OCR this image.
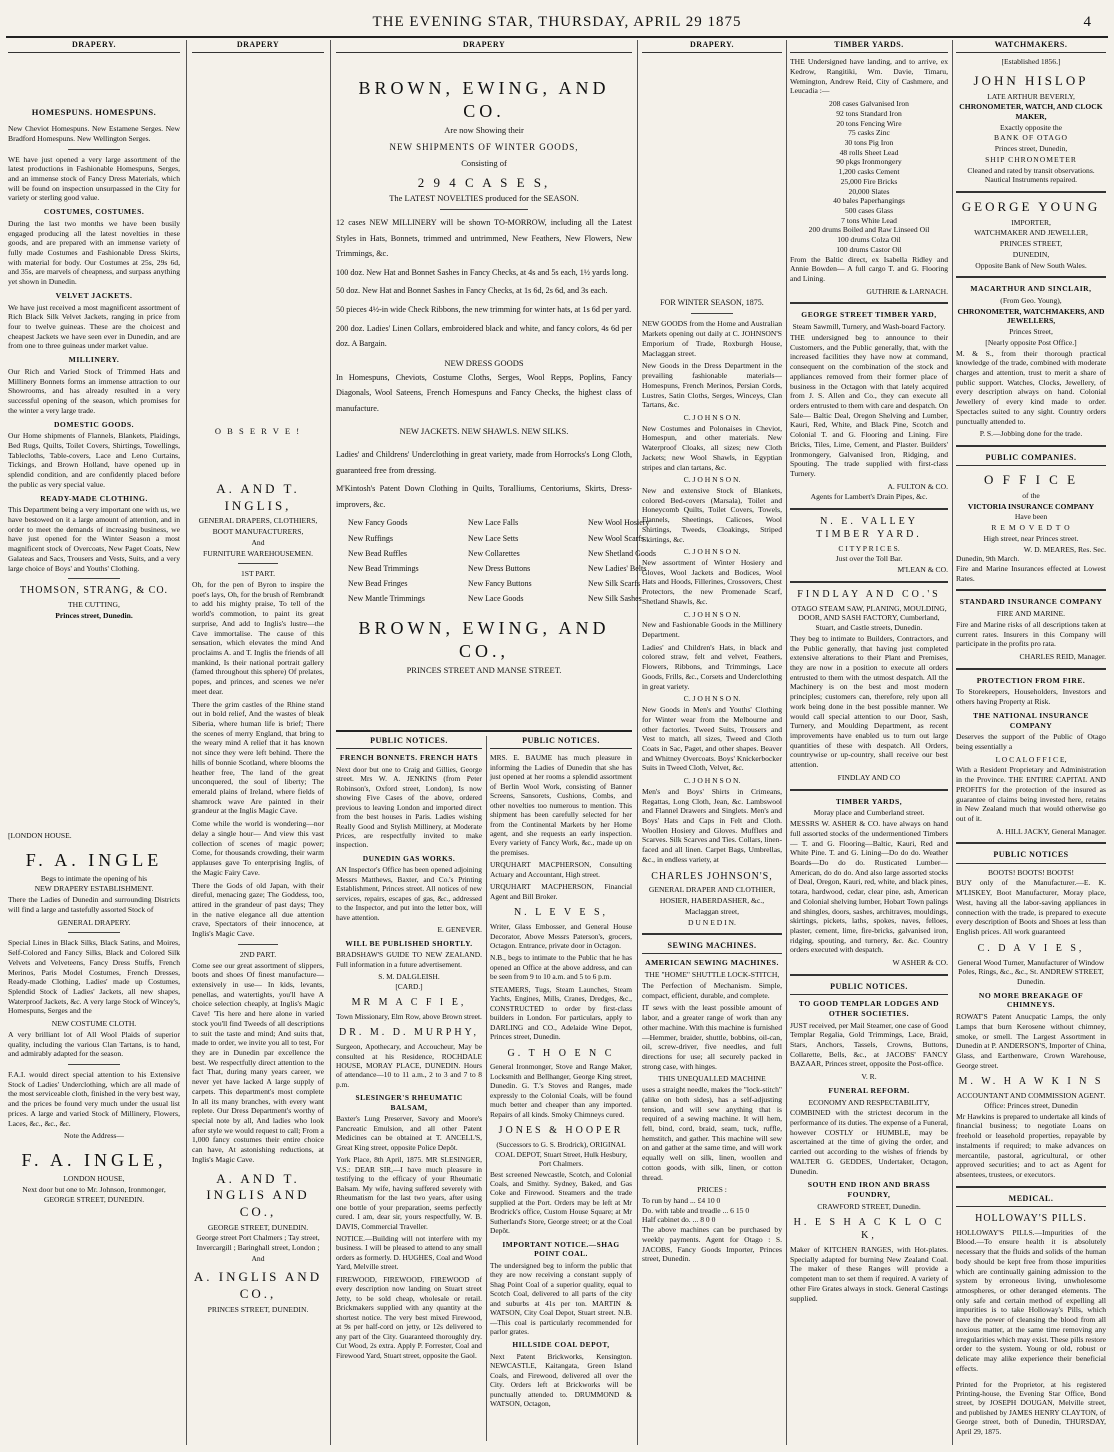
THE EVENING STAR, THURSDAY, APRIL 29 1875	4
DRAPERY.
HOMESPUNS. HOMESPUNS.
New Cheviot Homespuns. New Estamene Serges. New Bradford Homespuns. New Wellington Serges.
WE have just opened a very large assortment of the latest productions in Fashionable Homespuns, Serges, and an immense stock of Fancy Dress Materials, which will be found on inspection unsurpassed in the City for variety or sterling good value.
COSTUMES, COSTUMES.
During the last two months we have been busily engaged producing all the latest novelties in these goods, and are prepared with an immense variety of fully made Costumes and Fashionable Dress Skirts, with material for body. Our Costumes at 25s, 29s 6d, and 35s, are marvels of cheapness, and surpass anything yet shown in Dunedin.
VELVET JACKETS.
We have just received a most magnificent assortment of Rich Black Silk Velvet Jackets, ranging in price from four to twelve guineas. These are the choicest and cheapest Jackets we have seen ever in Dunedin, and are from one to three guineas under market value.
MILLINERY.
Our Rich and Varied Stock of Trimmed Hats and Millinery Bonnets forms an immense attraction to our Showrooms, and has already resulted in a very successful opening of the season, which promises for the winter a very large trade.
DOMESTIC GOODS.
Our Home shipments of Flannels, Blankets, Plaidings, Bed Rugs, Quilts, Toilet Covers, Shirtings, Towellings, Tablecloths, Table-covers, Lace and Leno Curtains, Tickings, and Brown Holland, have opened up in splendid condition, and are confidently placed before the public as very special value.
READY-MADE CLOTHING.
This Department being a very important one with us, we have bestowed on it a large amount of attention, and in order to meet the demands of increasing business, we have just opened for the Winter Season a most magnificent stock of Overcoats, New Paget Coats, New Galateas and Sacs, Trousers and Vests, Suits, and a very large choice of Boys' and Youths' Clothing.
THOMSON, STRANG, & CO.
THE CUTTING,
Princes street, Dunedin.
DRAPERY
O B S E R V E !
A. AND T. INGLIS,
GENERAL DRAPERS, CLOTHIERS,
BOOT MANUFACTURERS,
And
FURNITURE WAREHOUSEMEN.
1ST PART.
Oh, for the pen of Byron to inspire the poet's lays, Oh, for the brush of Rembrandt to add his mighty praise, To tell of the world's commotion, to paint its great surprise, And add to Inglis's lustre—the Cave immortalise. The cause of this sensation, which elevates the mind And proclaims A. and T. Inglis the friends of all mankind, Is their national portrait gallery (famed throughout this sphere) Of prelates, popes, and princes, and scenes we ne'er meet dear.
There the grim castles of the Rhine stand out in bold relief, And the wastes of bleak Siberia, where human life is brief; There the scenes of merry England, that bring to the weary mind A relief that it has known not since they were left behind. There the hills of bonnie Scotland, where blooms the heather free, The land of the great unconquered, the soul of liberty; The emerald plains of Ireland, where fields of shamrock wave Are painted in their grandeur at the Inglis Magic Cave.
Come while the world is wondering—nor delay a single hour— And view this vast collection of scenes of magic power; Come, for thousands crowding, their warm applauses gave To enterprising Inglis, of the Magic Fairy Cave.
There the Gods of old Japan, with their direful, menacing gaze; The Goddess, too, attired in the grandeur of past days; They in the native elegance all due attention crave, Spectators of their innocence, at Inglis's Magic Cave.
2ND PART.
Come see our great assortment of slippers, boots and shoes Of finest manufacture—extensively in use— In kids, levants, penellas, and watertights, you'll have A choice selection cheaply, at Inglis's Magic Cave! 'Tis here and here alone in varied stock you'll find Tweeds of all descriptions to suit the taste and mind; And suits that, made to order, we invite you all to test, For they are in Dunedin par excellence the best. We respectfully direct attention to the fact That, during many years career, we never yet have lacked A large supply of carpets. This department's most complete In all its many branches, with every want replete. Our Dress Department's worthy of special note by all, And ladies who look after style we would request to call; From a 1,000 fancy costumes their entire choice can have, At astonishing reductions, at Inglis's Magic Cave.
A. AND T. INGLIS AND CO.,
GEORGE STREET, DUNEDIN.
George street Port Chalmers ; Tay street, Invercargill ; Baringhall street, London ;
And
A. INGLIS AND CO.,
PRINCES STREET, DUNEDIN.
[LONDON HOUSE.
F. A. INGLE
Begs to intimate the opening of his
NEW DRAPERY ESTABLISHMENT.
There the Ladies of Dunedin and surrounding Districts will find a large and tastefully assorted Stock of
GENERAL DRAPERY.
Special Lines in Black Silks, Black Satins, and Moires, Self-Colored and Fancy Silks, Black and Colored Silk Velvets and Velveteens, Fancy Dress Stuffs, French Merinos, Paris Model Costumes, French Dresses, Ready-made Clothing, Ladies' made up Costumes, Splendid Stock of Ladies' Jackets, all new shapes, Waterproof Jackets, &c. A very large Stock of Wincey's, Homespuns, Serges and the
NEW COSTUME CLOTH.
A very brilliant lot of All Wool Plaids of superior quality, including the various Clan Tartans, is to hand, and admirably adapted for the season.
F.A.I. would direct special attention to his Extensive Stock of Ladies' Underclothing, which are all made of the most serviceable cloth, finished in the very best way, and the prices be found very much under the usual list prices. A large and varied Stock of Millinery, Flowers, Laces, &c., &c., &c.
Note the Address—
F. A. INGLE,
LONDON HOUSE,
Next door but one to Mr. Johnson, Ironmonger,
GEORGE STREET, DUNEDIN.
DRAPERY
BROWN, EWING, AND CO.
Are now Showing their
NEW SHIPMENTS OF WINTER GOODS,
Consisting of
2 9 4 C A S E S,
The LATEST NOVELTIES produced for the SEASON.
12 cases NEW MILLINERY will be shown TO-MORROW, including all the Latest Styles in Hats, Bonnets, trimmed and untrimmed, New Feathers, New Flowers, New Trimmings, &c.
100 doz. New Hat and Bonnet Sashes in Fancy Checks, at 4s and 5s each, 1½ yards long.
50 doz. New Hat and Bonnet Sashes in Fancy Checks, at 1s 6d, 2s 6d, and 3s each.
50 pieces 4½-in wide Check Ribbons, the new trimming for winter hats, at 1s 6d per yard.
200 doz. Ladies' Linen Collars, embroidered black and white, and fancy colors, 4s 6d per doz. A Bargain.
NEW DRESS GOODS
In Homespuns, Cheviots, Costume Cloths, Serges, Wool Repps, Poplins, Fancy Diagonals, Wool Sateens, French Homespuns and Fancy Checks, the highest class of manufacture.
NEW JACKETS. NEW SHAWLS. NEW SILKS.
Ladies' and Childrens' Underclothing in great variety, made from Horrocks's Long Cloth, guaranteed free from dressing.
M'Kintosh's Patent Down Clothing in Quilts, Toralliums, Centoriums, Skirts, Dress-improvers, &c.
New Fancy Goods
New Ruffings
New Bead Ruffles
New Bead Trimmings
New Bead Fringes
New Mantle Trimmings
New Lace Falls
New Lace Setts
New Collarettes
New Dress Buttons
New Fancy Buttons
New Lace Goods
New Wool Hosiery
New Wool Scarfs
New Shetland Goods
New Ladies' Belts
New Silk Scarfs
New Silk Sashes
BROWN, EWING, AND CO.,
PRINCES STREET AND MANSE STREET.
PUBLIC NOTICES.
FRENCH BONNETS. FRENCH HATS
Next door but one to Craig and Gillies, George street. Mrs W. A. JENKINS (from Peter Robinson's, Oxford street, London), Is now showing Five Cases of the above, ordered previous to leaving London and imported direct from the best houses in Paris. Ladies wishing Really Good and Stylish Millinery, at Moderate Prices, are respectfully invited to make inspection.
DUNEDIN GAS WORKS.
AN Inspector's Office has been opened adjoining Messrs Matthews, Baxter, and Co.'s Printing Establishment, Princes street. All notices of new services, repairs, escapes of gas, &c., addressed to the Inspector, and put into the letter box, will have attention.
E. GENEVER.
WILL BE PUBLISHED SHORTLY.
BRADSHAW'S GUIDE TO NEW ZEALAND. Full information in a future advertisement.
S. M. DALGLEISH.
[CARD.]
MR M A C F I E,
Town Missionary, Elm Row, above Brown street.
DR. M. D. MURPHY,
Surgeon, Apothecary, and Accoucheur, May be consulted at his Residence, ROCHDALE HOUSE, MORAY PLACE, DUNEDIN. Hours of attendance—10 to 11 a.m., 2 to 3 and 7 to 8 p.m.
SLESINGER'S RHEUMATIC BALSAM,
Baxter's Lung Preserver, Savory and Moore's Pancreatic Emulsion, and all other Patent Medicines can be obtained at T. ANCELL'S, Great King street, opposite Police Depôt.
York Place, 8th April, 1875. MR SLESINGER, V.S.: DEAR SIR,—I have much pleasure in testifying to the efficacy of your Rheumatic Balsam. My wife, having suffered severely with Rheumatism for the last two years, after using one bottle of your preparation, seems perfectly cured. I am, dear sir, yours respectfully, W. B. DAVIS, Commercial Traveller.
NOTICE.—Building will not interfere with my business. I will be pleased to attend to any small orders as formerly. D. HUGHES, Coal and Wood Yard, Melville street.
FIREWOOD, FIREWOOD, FIREWOOD of every description now landing on Stuart street Jetty, to be sold cheap, wholesale or retail. Brickmakers supplied with any quantity at the shortest notice. The very best mixed Firewood, at 9s per half-cord on jetty, or 12s delivered to any part of the City. Guaranteed thoroughly dry. Cut Wood, 2s extra. Apply P. Forrester, Coal and Firewood Yard, Stuart street, opposite the Gaol.
PUBLIC NOTICES.
MRS. E. BAUME has much pleasure in informing the Ladies of Dunedin that she has just opened at her rooms a splendid assortment of Berlin Wool Work, consisting of Banner Screens, Sansorets, Cushions, Combs, and other novelties too numerous to mention. This shipment has been carefully selected for her from the Continental Markets by her Home agent, and she requests an early inspection. Every variety of Fancy Work, &c., made up on the premises.
URQUHART MACPHERSON, Consulting Actuary and Accountant, High street.
URQUHART MACPHERSON, Financial Agent and Bill Broker.
N. L E V E S,
Writer, Glass Embosser, and General House Decorator, Above Messrs Paterson's, grocers, Octagon. Entrance, private door in Octagon.
N.B., begs to intimate to the Public that he has opened an Office at the above address, and can be seen from 9 to 10 a.m. and 5 to 6 p.m.
STEAMERS, Tugs, Steam Launches, Steam Yachts, Engines, Mills, Cranes, Dredges, &c., CONSTRUCTED to order by first-class builders in London. For particulars, apply to DARLING and CO., Adelaide Wine Depot, Princes street, Dunedin.
G. T H O E N C
General Ironmonger, Stove and Range Maker, Locksmith and Bellhanger, George King street, Dunedin. G. T.'s Stoves and Ranges, made expressly to the Colonial Coals, will be found much better and cheaper than any imported. Repairs of all kinds. Smoky Chimneys cured.
JONES & HOOPER
(Successors to G. S. Brodrick), ORIGINAL COAL DEPOT, Stuart Street, Hulk Hesbury, Port Chalmers.
Best screened Newcastle, Scotch, and Colonial Coals, and Smithy. Sydney, Baked, and Gas Coke and Firewood. Steamers and the trade supplied at the Port. Orders may be left at Mr Brodrick's office, Custom House Square; at Mr Sutherland's Store, George street; or at the Coal Depôt.
IMPORTANT NOTICE.—SHAG POINT COAL.
The undersigned beg to inform the public that they are now receiving a constant supply of Shag Point Coal of a superior quality, equal to Scotch Coal, delivered to all parts of the city and suburbs at 41s per ton. MARTIN & WATSON, City Coal Depot, Stuart street. N.B.—This coal is particularly recommended for parlor grates.
HILLSIDE COAL DEPOT,
Next Patent Brickworks, Kensington. NEWCASTLE, Kaitangata, Green Island Coals, and Firewood, delivered all over the City. Orders left at Brickworks will be punctually attended to. DRUMMOND & WATSON, Octagon,
DRAPERY.
FOR WINTER SEASON, 1875.
NEW GOODS from the Home and Australian Markets opening out daily at C. JOHNSON'S Emporium of Trade, Roxburgh House, Maclaggan street.
New Goods in the Dress Department in the prevailing fashionable materials—Homespuns, French Merinos, Persian Cords, Lustres, Satin Cloths, Serges, Winceys, Clan Tartans, &c.
C. J O H N S O N.
New Costumes and Polonaises in Cheviot, Homespun, and other materials. New Waterproof Cloaks, all sizes; new Cloth Jackets; new Wool Shawls, in Egyptian stripes and clan tartans, &c.
C. J O H N S O N.
New and extensive Stock of Blankets, colored Bed-covers (Marsala), Toilet and Honeycomb Quilts, Toilet Covers, Towels, Flannels, Sheetings, Calicoes, Wool Shirtings, Tweeds, Cloakings, Striped Skirtings, &c.
C. J O H N S O N.
New assortment of Winter Hosiery and Gloves, Wool Jackets and Bodices, Wool Hats and Hoods, Fillerines, Crossovers, Chest Protectors, the new Promenade Scarf, Shetland Shawls, &c.
C. J O H N S O N.
New and Fashionable Goods in the Millinery Department.
Ladies' and Children's Hats, in black and colored straw, felt and velvet, Feathers, Flowers, Ribbons, and Trimmings, Lace Goods, Frills, &c., Corsets and Underclothing in great variety.
C. J O H N S O N.
New Goods in Men's and Youths' Clothing for Winter wear from the Melbourne and other factories. Tweed Suits, Trousers and Vest to match, all sizes, Tweed and Cloth Coats in Sac, Paget, and other shapes. Beaver and Whitney Overcoats. Boys' Knickerbocker Suits in Tweed Cloth, Velvet, &c.
C. J O H N S O N.
Men's and Boys' Shirts in Crimeans, Regattas, Long Cloth, Jean, &c. Lambswool and Flannel Drawers and Singlets. Men's and Boys' Hats and Caps in Felt and Cloth. Woollen Hosiery and Gloves. Mufflers and Scarves. Silk Scarves and Ties. Collars, linen-faced and all linen. Carpet Bags, Umbrellas, &c., in endless variety, at
CHARLES JOHNSON'S,
GENERAL DRAPER AND CLOTHIER,
HOSIER, HABERDASHER, &c.,
Maclaggan street,
D U N E D I N.
SEWING MACHINES.
AMERICAN SEWING MACHINES.
THE "HOME" SHUTTLE LOCK-STITCH,
The Perfection of Mechanism. Simple, compact, efficient, durable, and complete.
IT sews with the least possible amount of labor, and a greater range of work than any other machine. With this machine is furnished—Hemmer, braider, shuttle, bobbins, oil-can, oil, screw-driver, five needles, and full directions for use; all securely packed in strong case, with hinges.
THIS UNEQUALLED MACHINE
uses a straight needle, makes the "lock-stitch" (alike on both sides), has a self-adjusting tension, and will sew anything that is required of a sewing machine. It will hem, fell, bind, cord, braid, seam, tuck, ruffle, hemstitch, and gather. This machine will sew on and gather at the same time, and will work equally well on silk, linen, woollen and cotton goods, with silk, linen, or cotton thread.
PRICES :
To run by hand ... £4 10 0
Do. with table and treadle ... 6 15 0
Half cabinet do. ... 8 0 0
The above machines can be purchased by weekly payments. Agent for Otago : S. JACOBS, Fancy Goods Importer, Princes street, Dunedin.
TIMBER YARDS.
THE Undersigned have landing, and to arrive, ex Kedrow, Rangitiki, Wm. Davie, Timaru, Wemington, Andrew Reid, City of Cashmere, and Leucadia :—
208 cases Galvanised Iron
92 tons Standard Iron
20 tons Fencing Wire
75 casks Zinc
30 tons Pig Iron
48 rolls Sheet Lead
90 pkgs Ironmongery
1,200 casks Cement
25,000 Fire Bricks
20,000 Slates
40 bales Paperhangings
500 cases Glass
7 tons White Lead
200 drums Boiled and Raw Linseed Oil
100 drums Colza Oil
100 drums Castor Oil
From the Baltic direct, ex Isabella Ridley and Annie Bowden— A full cargo T. and G. Flooring and Lining.
GUTHRIE & LARNACH.
GEORGE STREET TIMBER YARD,
Steam Sawmill, Turnery, and Wash-board Factory.
THE undersigned beg to announce to their Customers, and the Public generally, that, with the increased facilities they have now at command, consequent on the combination of the stock and appliances removed from their former place of business in the Octagon with that lately acquired from J. S. Allen and Co., they can execute all orders entrusted to them with care and despatch. On Sale— Baltic Deal, Oregon Shelving and Lumber, Kauri, Red, White, and Black Pine, Scotch and Colonial T. and G. Flooring and Lining. Fire Bricks, Tiles, Lime, Cement, and Plaster. Builders' Ironmongery, Galvanised Iron, Ridging, and Spouting. The trade supplied with first-class Turnery.
A. FULTON & CO.
Agents for Lambert's Drain Pipes, &c.
N. E. VALLEY TIMBER YARD.
C I T Y P R I C E S.
Just over the Toll Bar.
M'LEAN & CO.
FINDLAY AND CO.'S
OTAGO STEAM SAW, PLANING, MOULDING, DOOR, AND SASH FACTORY, Cumberland, Stuart, and Castle streets, Dunedin.
They beg to intimate to Builders, Contractors, and the Public generally, that having just completed extensive alterations to their Plant and Premises, they are now in a position to execute all orders entrusted to them with the utmost despatch. All the Machinery is on the best and most modern principles; customers can, therefore, rely upon all work being done in the best possible manner. We would call special attention to our Door, Sash, Turnery, and Moulding Department, as recent improvements have enabled us to turn out large quantities of these with despatch. All Orders, countrywise or up-country, shall receive our best attention.
FINDLAY AND CO
TIMBER YARDS,
Moray place and Cumberland street.
MESSRS W. ASHER & CO. have always on hand full assorted stocks of the undermentioned Timbers— T. and G. Flooring—Baltic, Kauri, Red and White Pine. T. and G. Lining—Do do do. Weather Boards—Do do do. Rusticated Lumber—American, do do do. And also large assorted stocks of Deal, Oregon, Kauri, red, white, and black pines, totara, hardwood, cedar, clear pine, ash, American and Colonial shelving lumber, Hobart Town palings and shingles, doors, sashes, architraves, mouldings, skirtings, pickets, laths, spokes, naves, felloes, plaster, cement, lime, fire-bricks, galvanised iron, ridging, spouting, and turnery, &c. &c. Country orders executed with despatch.
W ASHER & CO.
PUBLIC NOTICES.
TO GOOD TEMPLAR LODGES AND OTHER SOCIETIES.
JUST received, per Mail Steamer, one case of Good Templar Regalia, Gold Trimmings, Lace, Braid, Stars, Anchors, Tassels, Crowns, Buttons, Collarette, Bells, &c., at JACOBS' FANCY BAZAAR, Princes street, opposite the Post-office.
V. R.
FUNERAL REFORM.
ECONOMY AND RESPECTABILITY,
COMBINED with the strictest decorum in the performance of its duties. The expense of a Funeral, however COSTLY or HUMBLE, may be ascertained at the time of giving the order, and carried out according to the wishes of friends by WALTER G. GEDDES, Undertaker, Octagon, Dunedin.
SOUTH END IRON AND BRASS FOUNDRY,
CRAWFORD STREET, Dunedin.
H. E S H A C K L O C K,
Maker of KITCHEN RANGES, with Hot-plates. Specially adapted for burning New Zealand Coal. The maker of these Ranges will provide a competent man to set them if required. A variety of other Fire Grates always in stock. General Castings supplied.
WATCHMAKERS.
[Established 1856.]
JOHN HISLOP
LATE ARTHUR BEVERLY,
CHRONOMETER, WATCH, AND CLOCK MAKER,
Exactly opposite the
BANK OF OTAGO
Princes street, Dunedin,
SHIP CHRONOMETER
Cleaned and rated by transit observations. Nautical Instruments repaired.
GEORGE YOUNG
IMPORTER,
WATCHMAKER AND JEWELLER,
PRINCES STREET,
DUNEDIN,
Opposite Bank of New South Wales.
MACARTHUR AND SINCLAIR,
(From Geo. Young),
CHRONOMETER, WATCHMAKERS, AND JEWELLERS,
Princes Street,
[Nearly opposite Post Office.]
M. & S., from their thorough practical knowledge of the trade, combined with moderate charges and attention, trust to merit a share of public support. Watches, Clocks, Jewellery, of every description always on hand. Colonial Jewellery of every kind made to order. Spectacles suited to any sight. Country orders punctually attended to.
P. S.—Jobbing done for the trade.
PUBLIC COMPANIES.
O F F I C E
of the
VICTORIA INSURANCE COMPANY
Have been
R E M O V E D T O
High street, near Princes street.
W. D. MEARES, Res. Sec.
Dunedin, 9th March.
Fire and Marine Insurances effected at Lowest Rates.
STANDARD INSURANCE COMPANY
FIRE AND MARINE.
Fire and Marine risks of all descriptions taken at current rates. Insurers in this Company will participate in the profits pro rata.
CHARLES REID, Manager.
PROTECTION FROM FIRE.
To Storekeepers, Householders, Investors and others having Property at Risk.
THE NATIONAL INSURANCE COMPANY
Deserves the support of the Public of Otago being essentially a
L O C A L O F F I C E,
With a Resident Proprietary and Administration in the Province. THE ENTIRE CAPITAL AND PROFITS for the protection of the insured as guarantee of claims being invested here, retains in New Zealand much that would otherwise go out of it.
A. HILL JACKY, General Manager.
PUBLIC NOTICES
BOOTS! BOOTS! BOOTS!
BUY only of the Manufacturer.—E. K. M'LISKEY, Boot Manufacturer, Moray place, West, having all the labor-saving appliances in connection with the trade, is prepared to execute every description of Boots and Shoes at less than English prices. All work guaranteed
C. D A V I E S,
General Wood Turner, Manufacturer of Window Poles, Rings, &c., &c., St. ANDREW STREET, Dunedin.
NO MORE BREAKAGE OF CHIMNEYS.
ROWAT'S Patent Anucpatic Lamps, the only Lamps that burn Kerosene without chimney, smoke, or smell. The Largest Assortment in Dunedin at P. ANDERSON'S, Importer of China, Glass, and Earthenware, Crown Warehouse, George street.
M. W. H A W K I N S
ACCOUNTANT AND COMMISSION AGENT. Office: Princes street, Dunedin
Mr Hawkins is prepared to undertake all kinds of financial business; to negotiate Loans on freehold or leasehold properties, repayable by instalments if required; to make advances on mercantile, pastoral, agricultural, or other approved securities; and to act as Agent for absentees, trustees, or executors.
MEDICAL.
HOLLOWAY'S PILLS.
HOLLOWAY'S PILLS.—Impurities of the Blood.—To ensure health it is absolutely necessary that the fluids and solids of the human body should be kept free from those impurities which are continually gaining admission to the system by erroneous living, unwholesome atmospheres, or other deranged elements. The only safe and certain method of expelling all impurities is to take Holloway's Pills, which have the power of cleansing the blood from all noxious matter, at the same time removing any irregularities which may exist. These pills restore order to the system. Young or old, robust or delicate may alike experience their beneficial effects.
Printed for the Proprietor, at his registered Printing-house, the Evening Star Office, Bond street, by JOSEPH DOUGAN, Melville street, and published by JAMES HENRY CLAYTON, of George street, both of Dunedin, THURSDAY, April 29, 1875.
